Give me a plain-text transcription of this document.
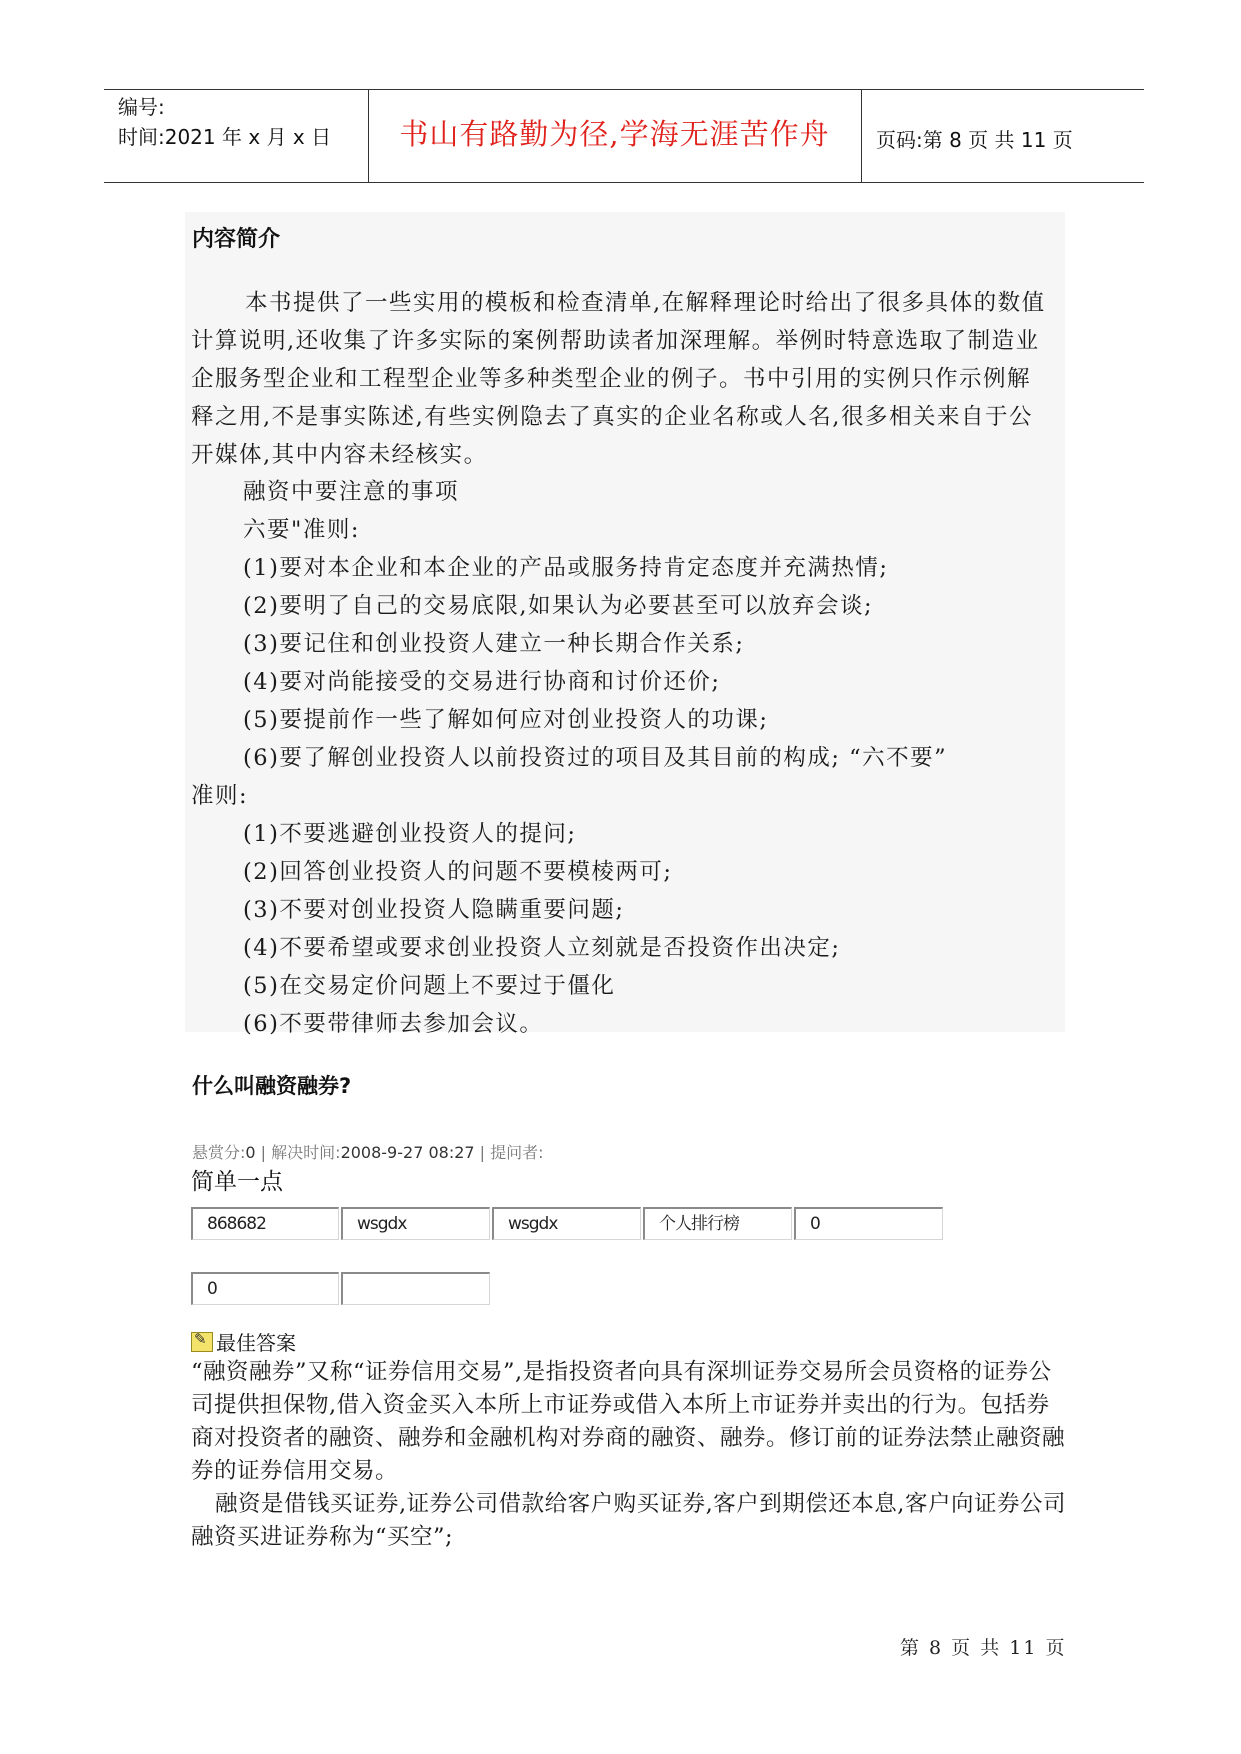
编号:
时间:2021 年 x 月 x 日	书山有路勤为径,学海无涯苦作舟	页码:第 8 页 共 11 页
内容简介

本书提供了一些实用的模板和检查清单,在解释理论时给出了很多具体的数值计算说明,还收集了许多实际的案例帮助读者加深理解。举例时特意选取了制造业企服务型企业和工程型企业等多种类型企业的例子。书中引用的实例只作示例解释之用,不是事实陈述,有些实例隐去了真实的企业名称或人名,很多相关来自于公开媒体,其中内容未经核实。

融资中要注意的事项
六要"准则:
(1)要对本企业和本企业的产品或服务持肯定态度并充满热情;
(2)要明了自己的交易底限,如果认为必要甚至可以放弃会谈;
(3)要记住和创业投资人建立一种长期合作关系;
(4)要对尚能接受的交易进行协商和讨价还价;
(5)要提前作一些了解如何应对创业投资人的功课;
(6)要了解创业投资人以前投资过的项目及其目前的构成; “六不要”
准则:
(1)不要逃避创业投资人的提问;
(2)回答创业投资人的问题不要模棱两可;
(3)不要对创业投资人隐瞒重要问题;
(4)不要希望或要求创业投资人立刻就是否投资作出决定;
(5)在交易定价问题上不要过于僵化
(6)不要带律师去参加会议。
什么叫融资融券?
悬赏分:0 | 解决时间:2008-9-27 08:27 | 提问者:
简单一点
868682	wsgdx	wsgdx	个人排行榜	0
0
✎最佳答案

“融资融券”又称“证券信用交易”,是指投资者向具有深圳证券交易所会员资格的证券公司提供担保物,借入资金买入本所上市证券或借入本所上市证券并卖出的行为。包括券商对投资者的融资、融券和金融机构对券商的融资、融券。修订前的证券法禁止融资融券的证券信用交易。

融资是借钱买证券,证券公司借款给客户购买证券,客户到期偿还本息,客户向证券公司融资买进证券称为“买空”;

第 8 页 共 11 页
